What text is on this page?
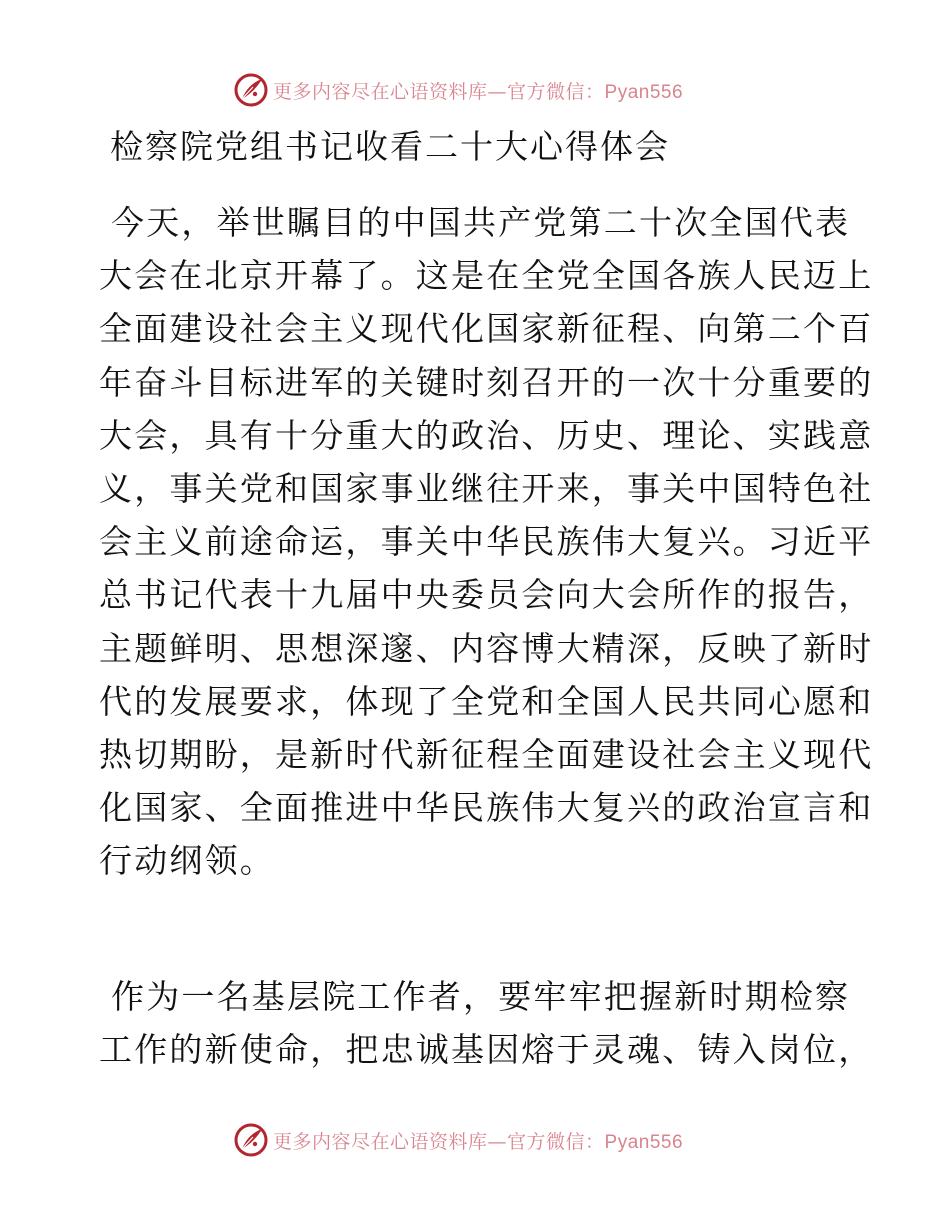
更多内容尽在心语资料库—官方微信：Pyan556
检察院党组书记收看二十大心得体会
今天，举世瞩目的中国共产党第二十次全国代表
大会在北京开幕了。这是在全党全国各族人民迈上
全面建设社会主义现代化国家新征程、向第二个百
年奋斗目标进军的关键时刻召开的一次十分重要的
大会，具有十分重大的政治、历史、理论、实践意
义，事关党和国家事业继往开来，事关中国特色社
会主义前途命运，事关中华民族伟大复兴。习近平
总书记代表十九届中央委员会向大会所作的报告，
主题鲜明、思想深邃、内容博大精深，反映了新时
代的发展要求，体现了全党和全国人民共同心愿和
热切期盼，是新时代新征程全面建设社会主义现代
化国家、全面推进中华民族伟大复兴的政治宣言和
行动纲领。
作为一名基层院工作者，要牢牢把握新时期检察
工作的新使命，把忠诚基因熔于灵魂、铸入岗位，
更多内容尽在心语资料库—官方微信：Pyan556
